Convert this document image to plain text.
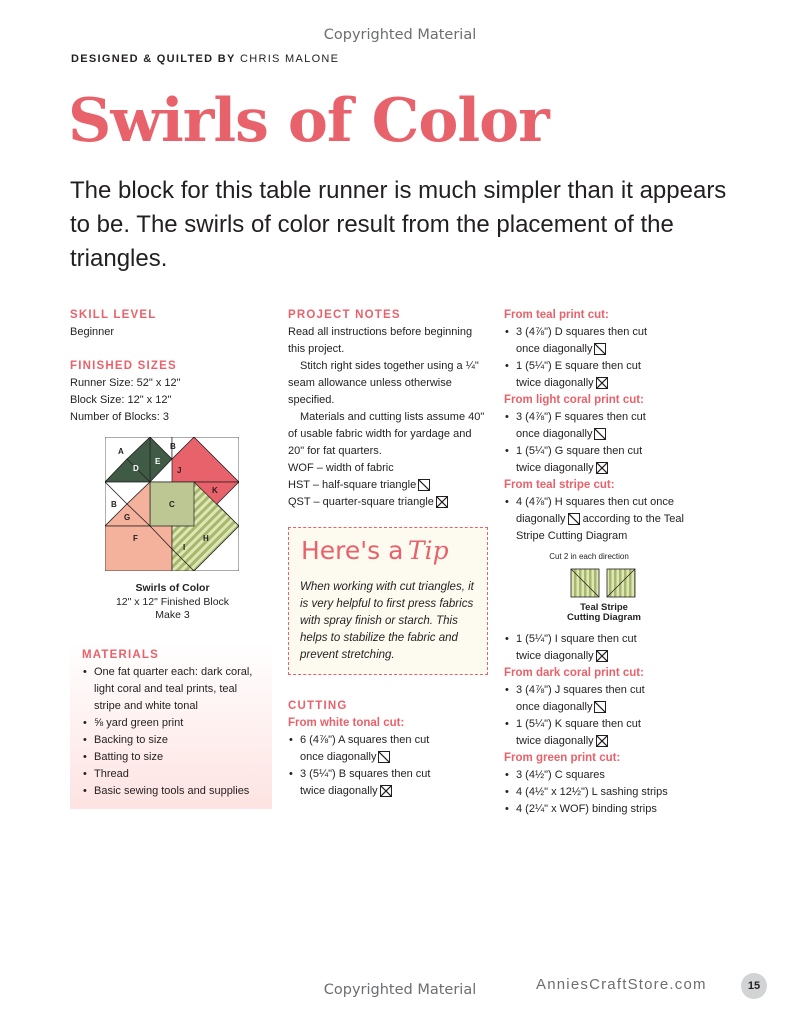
Copyrighted Material
Copyrighted Material
DESIGNED & QUILTED BY CHRIS MALONE
Swirls of Color
The block for this table runner is much simpler than it appears to be. The swirls of color result from the placement of the triangles.
SKILL LEVEL
Beginner
FINISHED SIZES
Runner Size: 52" x 12"
Block Size: 12" x 12"
Number of Blocks: 3
A
B
D
E
J
K
B
G
C
F
I
H
Swirls of Color
12" x 12" Finished Block
Make 3
MATERIALS
• One fat quarter each: dark coral, light coral and teal prints, teal stripe and white tonal
• ⅝ yard green print
• Backing to size
• Batting to size
• Thread
• Basic sewing tools and supplies
PROJECT NOTES
Read all instructions before beginning this project.
Stitch right sides together using a ¼" seam allowance unless otherwise specified.
Materials and cutting lists assume 40" of usable fabric width for yardage and 20" for fat quarters.
WOF – width of fabric
HST – half-square triangle
QST – quarter-square triangle
Here's a Tip
When working with cut triangles, it is very helpful to first press fabrics with spray finish or starch. This helps to stabilize the fabric and prevent stretching.
CUTTING
From white tonal cut:
• 6 (4⅞") A squares then cut once diagonally
• 3 (5¼") B squares then cut twice diagonally
From teal print cut:
• 3 (4⅞") D squares then cut
once diagonally
• 1 (5¼") E square then cut
twice diagonally
From light coral print cut:
• 3 (4⅞") F squares then cut
once diagonally
• 1 (5¼") G square then cut
twice diagonally
From teal stripe cut:
• 4 (4⅞") H squares then cut once
diagonally according to the Teal
Stripe Cutting Diagram
Cut 2 in each direction
Teal Stripe
Cutting Diagram
• 1 (5¼") I square then cut
twice diagonally
From dark coral print cut:
• 3 (4⅞") J squares then cut
once diagonally
• 1 (5¼") K square then cut
twice diagonally
From green print cut:
• 3 (4½") C squares
• 4 (4½" x 12½") L sashing strips
• 4 (2¼" x WOF) binding strips
AnniesCraftStore.com	15
